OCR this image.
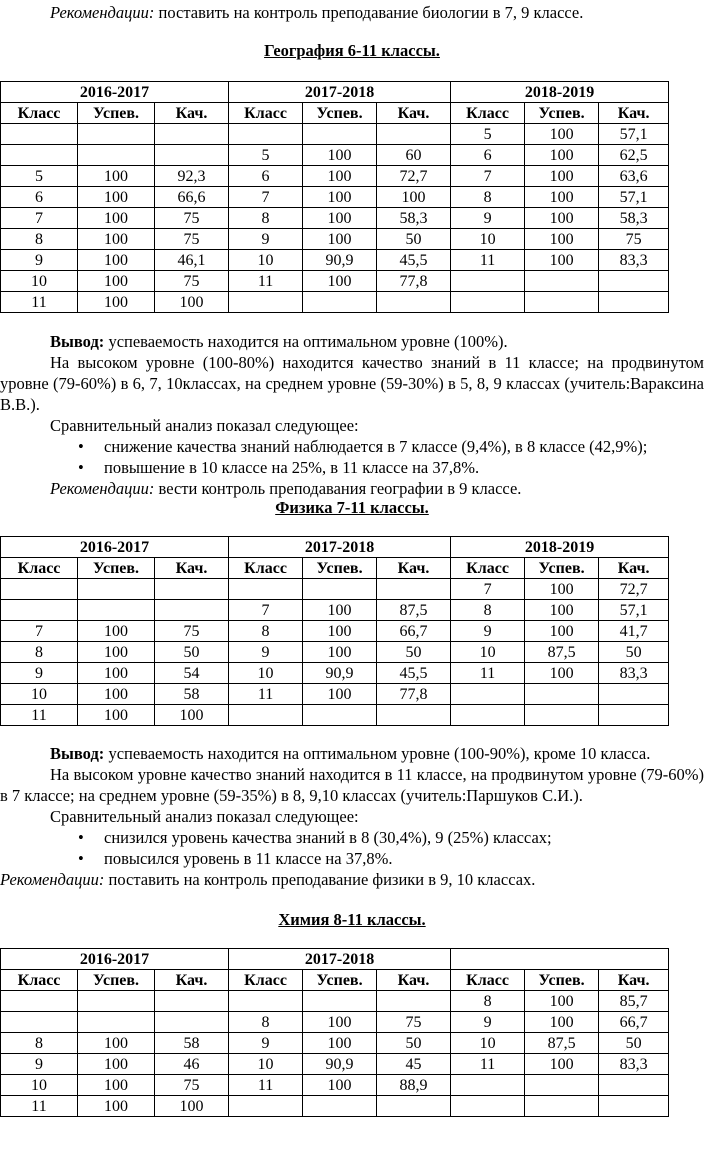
Рекомендации: поставить на контроль преподавание биологии в 7, 9 классе.
География 6-11 классы.
2016-2017			2017-2018			2018-2019		
Класс	Успев.	Кач.	Класс	Успев.	Кач.	Класс	Успев.	Кач.
						5	100	57,1
			5	100	60	6	100	62,5
5	100	92,3	6	100	72,7	7	100	63,6
6	100	66,6	7	100	100	8	100	57,1
7	100	75	8	100	58,3	9	100	58,3
8	100	75	9	100	50	10	100	75
9	100	46,1	10	90,9	45,5	11	100	83,3
10	100	75	11	100	77,8			
11	100	100						
Вывод: успеваемость находится на оптимальном уровне (100%).

На высоком уровне (100-80%) находится качество знаний в 11 классе; на продвинутом уровне (79-60%) в 6, 7, 10классах, на среднем уровне (59-30%) в 5, 8, 9 классах (учитель:Вараксина В.В.).

Сравнительный анализ показал следующее:

• снижение качества знаний наблюдается в 7 классе (9,4%), в 8 классе (42,9%);
• повышение в 10 классе на 25%, в 11 классе на 37,8%.
Рекомендации: вести контроль преподавания географии в 9 классе.
Физика 7-11 классы.
2016-2017			2017-2018			2018-2019		
Класс	Успев.	Кач.	Класс	Успев.	Кач.	Класс	Успев.	Кач.
						7	100	72,7
			7	100	87,5	8	100	57,1
7	100	75	8	100	66,7	9	100	41,7
8	100	50	9	100	50	10	87,5	50
9	100	54	10	90,9	45,5	11	100	83,3
10	100	58	11	100	77,8			
11	100	100						
Вывод: успеваемость находится на оптимальном уровне (100-90%), кроме 10 класса.

На высоком уровне качество знаний находится в 11 классе, на продвинутом уровне (79-60%) в 7 классе; на среднем уровне (59-35%) в 8, 9,10 классах (учитель:Паршуков С.И.).

Сравнительный анализ показал следующее:

• снизился уровень качества знаний в 8 (30,4%), 9 (25%) классах;
• повысился уровень в 11 классе на 37,8%.
Рекомендации: поставить на контроль преподавание физики в 9, 10 классах.
Химия 8-11 классы.
2016-2017			2017-2018					
Класс	Успев.	Кач.	Класс	Успев.	Кач.	Класс	Успев.	Кач.
						8	100	85,7
			8	100	75	9	100	66,7
8	100	58	9	100	50	10	87,5	50
9	100	46	10	90,9	45	11	100	83,3
10	100	75	11	100	88,9			
11	100	100						
